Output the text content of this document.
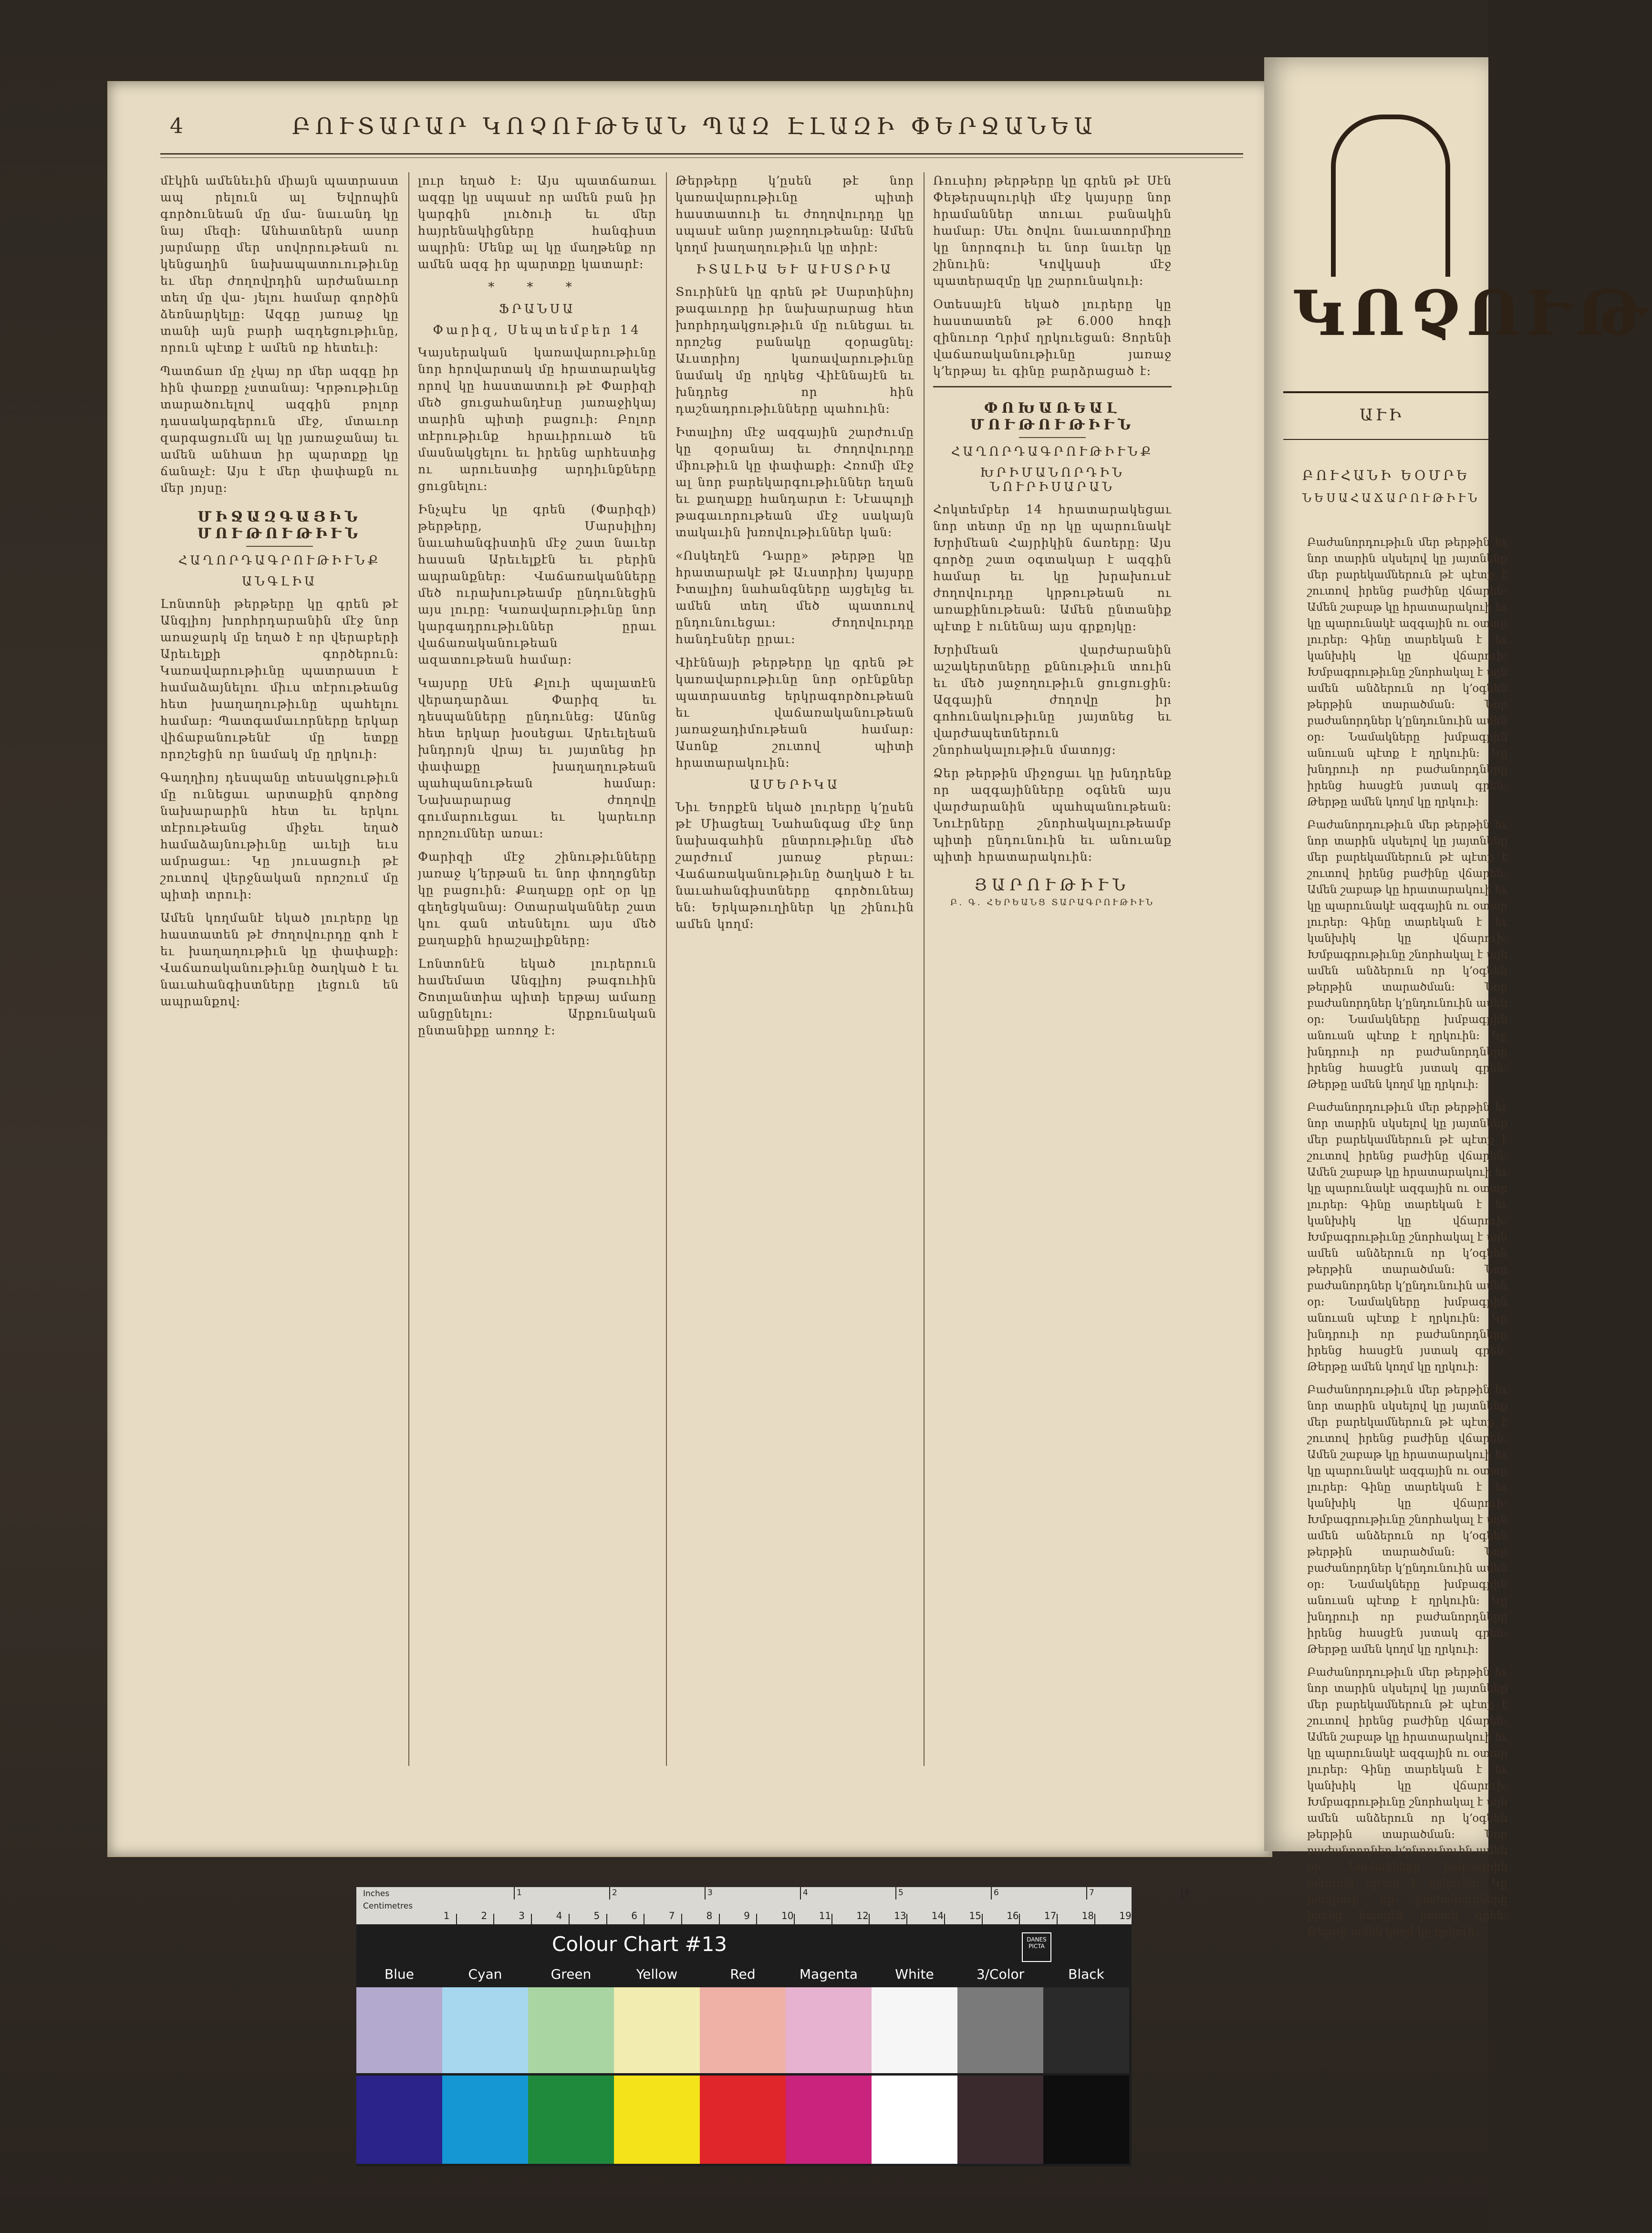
4	ԲՈՒՏԱՐԱՐ ԿՈՉՈՒԹԵԱՆ ՊԱԶ ԷԼԱԶԻ ՓԵՐՋԱՆԵԱ

մէկին ամենեւին միայն պատրաստ ապ րելուն ալ Եվրոպին գործունեան մը մա- նաւանդ կը նայ մեզի։ Անհատներն ասոր յարմարը մեր սովորութեան ու կենցաղին նախապատուութիւնը եւ մեր ժողովրդին արժանաւոր տեղ մը վա- յելու համար գործին ձեռնարկելը։ Ազգը յառաջ կը տանի այն բարի ազդեցութիւնը, որուն պէտք է ամեն ոք հետեւի։

Պատճառ մը չկայ որ մեր ազգը իր հին փառքը չստանայ։ Կրթութիւնը տարածուելով ազգին բոլոր դասակարգերուն մէջ, մտաւոր զարգացումն ալ կը յառաջանայ եւ ամեն անհատ իր պարտքը կը ճանաչէ։ Այս է մեր փափաքն ու մեր յոյսը։

ՄԻՋԱԶԳԱՅԻՆ ՄՈՒԹՈՒԹԻՒՆ
ՀԱՂՈՐԴԱԳՐՈՒԹԻՒՆՔ
ԱՆԳԼԻԱ

Լոնտոնի թերթերը կը գրեն թէ Անգլիոյ խորհրդարանին մէջ նոր առաջարկ մը եղած է որ վերաբերի Արեւելքի գործերուն։ Կառավարութիւնը պատրաստ է համաձայնելու միւս տէրութեանց հետ խաղաղութիւնը պահելու համար։ Պատգամաւորները երկար վիճաբանութենէ մը ետքը որոշեցին որ նամակ մը ղրկուի։

Գաղղիոյ դեսպանը տեսակցութիւն մը ունեցաւ արտաքին գործոց նախարարին հետ եւ երկու տէրութեանց միջեւ եղած համաձայնութիւնը աւելի եւս ամրացաւ։ Կը յուսացուի թէ շուտով վերջնական որոշում մը պիտի տրուի։

Ամեն կողմանէ եկած լուրերը կը հաստատեն թէ ժողովուրդը գոհ է եւ խաղաղութիւն կը փափաքի։ Վաճառականութիւնը ծաղկած է եւ նաւահանգիստները լեցուն են ապրանքով։

լուր եղած է։ Այս պատճառաւ ազգը կը սպասէ որ ամեն բան իր կարգին լուծուի եւ մեր հայրենակիցները հանգիստ ապրին։ Մենք ալ կը մաղթենք որ ամեն ազգ իր պարտքը կատարէ։

* * *
ՖՐԱՆՍԱ
Փարիզ, Սեպտեմբեր 14

Կայսերական կառավարութիւնը նոր հրովարտակ մը հրատարակեց որով կը հաստատուի թէ Փարիզի մեծ ցուցահանդէսը յառաջիկայ տարին պիտի բացուի։ Բոլոր տէրութիւնք հրաւիրուած են մասնակցելու եւ իրենց արհեստից ու արուեստից արդիւնքները ցուցնելու։

Ինչպէս կը գրեն (Փարիզի) թերթերը, Մարսիլիոյ նաւահանգիստին մէջ շատ նաւեր հասան Արեւելքէն եւ բերին ապրանքներ։ Վաճառականները մեծ ուրախութեամբ ընդունեցին այս լուրը։ Կառավարութիւնը նոր կարգադրութիւններ ըրաւ վաճառականութեան ազատութեան համար։

Կայսրը Սէն Քլուի պալատէն վերադարձաւ Փարիզ եւ դեսպանները ընդունեց։ Անոնց հետ երկար խօսեցաւ Արեւելեան խնդրոյն վրայ եւ յայտնեց իր փափաքը խաղաղութեան պահպանութեան համար։ Նախարարաց ժողովը գումարուեցաւ եւ կարեւոր որոշումներ առաւ։

Փարիզի մէջ շինութիւնները յառաջ կ՚երթան եւ նոր փողոցներ կը բացուին։ Քաղաքը օրէ օր կը գեղեցկանայ։ Օտարականներ շատ կու գան տեսնելու այս մեծ քաղաքին հրաշալիքները։

Լոնտոնէն եկած լուրերուն համեմատ Անգլիոյ թագուհին Շոտլանտիա պիտի երթայ ամառը անցընելու։ Արքունական ընտանիքը առողջ է։

Թերթերը կ՚ըսեն թէ նոր կառավարութիւնը պիտի հաստատուի եւ ժողովուրդը կը սպասէ անոր յաջողութեանը։ Ամեն կողմ խաղաղութիւն կը տիրէ։

ԻՏԱԼԻԱ ԵՒ ԱՒՍՏՐԻԱ

Տուրինէն կը գրեն թէ Սարտինիոյ թագաւորը իր նախարարաց հետ խորհրդակցութիւն մը ունեցաւ եւ որոշեց բանակը զօրացնել։ Աւստրիոյ կառավարութիւնը նամակ մը ղրկեց Վիէննայէն եւ խնդրեց որ հին դաշնադրութիւնները պահուին։

Իտալիոյ մէջ ազգային շարժումը կը զօրանայ եւ ժողովուրդը միութիւն կը փափաքի։ Հռոմի մէջ ալ նոր բարեկարգութիւններ եղան եւ քաղաքը հանդարտ է։ Նէապոլի թագաւորութեան մէջ սակայն տակաւին խռովութիւններ կան։

«Ոսկեղէն Դարը» թերթը կը հրատարակէ թէ Աւստրիոյ կայսրը Իտալիոյ նահանգները այցելեց եւ ամեն տեղ մեծ պատուով ընդունուեցաւ։ Ժողովուրդը հանդէսներ ըրաւ։

Վիէննայի թերթերը կը գրեն թէ կառավարութիւնը նոր օրէնքներ պատրաստեց երկրագործութեան եւ վաճառականութեան յառաջադիմութեան համար։ Ասոնք շուտով պիտի հրատարակուին։

ԱՄԵՐԻԿԱ

Նիւ Եորքէն եկած լուրերը կ՚ըսեն թէ Միացեալ Նահանգաց մէջ նոր նախագահին ընտրութիւնը մեծ շարժում յառաջ բերաւ։ Վաճառականութիւնը ծաղկած է եւ նաւահանգիստները գործունեայ են։ Երկաթուղիներ կը շինուին ամեն կողմ։

Ռուսիոյ թերթերը կը գրեն թէ Սէն Փեթերսպուրկի մէջ կայսրը նոր հրամաններ տուաւ բանակին համար։ Սեւ ծովու նաւատորմիղը կը նորոգուի եւ նոր նաւեր կը շինուին։ Կովկասի մէջ պատերազմը կը շարունակուի։

Օտեսայէն եկած լուրերը կը հաստատեն թէ 6.000 հոգի զինուոր Ղրիմ ղրկուեցան։ Ցորենի վաճառականութիւնը յառաջ կ՚երթայ եւ գինը բարձրացած է։

ՓՈԽԱՌԵԱԼ ՄՈՒԹՈՒԹԻՒՆ
ՀԱՂՈՐԴԱԳՐՈՒԹԻՒՆՔ
ԽՐԻՄԱՆՈՐԴԻՆ ՆՈՒՐԻՍԱՐԱՆ

Հոկտեմբեր 14 հրատարակեցաւ նոր տետր մը որ կը պարունակէ Խրիմեան Հայրիկին ճառերը։ Այս գործը շատ օգտակար է ազգին համար եւ կը խրախուսէ ժողովուրդը կրթութեան ու առաքինութեան։ Ամեն ընտանիք պէտք է ունենայ այս գրքոյկը։

Խրիմեան վարժարանին աշակերտները քննութիւն տուին եւ մեծ յաջողութիւն ցուցուցին։ Ազգային ժողովը իր գոհունակութիւնը յայտնեց եւ վարժապետներուն շնորհակալութիւն մատոյց։

Ձեր թերթին միջոցաւ կը խնդրենք որ ազգայինները օգնեն այս վարժարանին պահպանութեան։ Նուէրները շնորհակալութեամբ պիտի ընդունուին եւ անուանք պիտի հրատարակուին։

ՅԱՐՈՒԹԻՒՆ
Բ. Գ. ՀԵՐԵԱՆՑ ՏԱՐԱԳՐՈՒԹԻՒՆ
ԿՈՉՈՒԹ
ԱՒԻ
ԲՈՒՀԱՆԻ ԵՕՄՐԵ
ՆԵՍԱՀԱՃԱՐՈՒԹԻՒՆ

Բաժանորդութիւն մեր թերթին եւ նոր տարին սկսելով կը յայտնենք մեր բարեկամներուն թէ պէտք է շուտով իրենց բաժինը վճարեն։ Ամեն շաբաթ կը հրատարակուի եւ կը պարունակէ ազգային ու օտար լուրեր։ Գինը տարեկան է եւ կանխիկ կը վճարուի։ Խմբագրութիւնը շնորհակալ է այն ամեն անձերուն որ կ՚օգնեն թերթին տարածման։ Նոր բաժանորդներ կ՚ընդունուին ամեն օր։ Նամակները խմբագրին անուան պէտք է ղրկուին։ Կը խնդրուի որ բաժանորդները իրենց հասցէն յստակ գրեն։ Թերթը ամեն կողմ կը ղրկուի։

Բաժանորդութիւն մեր թերթին եւ նոր տարին սկսելով կը յայտնենք մեր բարեկամներուն թէ պէտք է շուտով իրենց բաժինը վճարեն։ Ամեն շաբաթ կը հրատարակուի եւ կը պարունակէ ազգային ու օտար լուրեր։ Գինը տարեկան է եւ կանխիկ կը վճարուի։ Խմբագրութիւնը շնորհակալ է այն ամեն անձերուն որ կ՚օգնեն թերթին տարածման։ Նոր բաժանորդներ կ՚ընդունուին ամեն օր։ Նամակները խմբագրին անուան պէտք է ղրկուին։ Կը խնդրուի որ բաժանորդները իրենց հասցէն յստակ գրեն։ Թերթը ամեն կողմ կը ղրկուի։

Բաժանորդութիւն մեր թերթին եւ նոր տարին սկսելով կը յայտնենք մեր բարեկամներուն թէ պէտք է շուտով իրենց բաժինը վճարեն։ Ամեն շաբաթ կը հրատարակուի եւ կը պարունակէ ազգային ու օտար լուրեր։ Գինը տարեկան է եւ կանխիկ կը վճարուի։ Խմբագրութիւնը շնորհակալ է այն ամեն անձերուն որ կ՚օգնեն թերթին տարածման։ Նոր բաժանորդներ կ՚ընդունուին ամեն օր։ Նամակները խմբագրին անուան պէտք է ղրկուին։ Կը խնդրուի որ բաժանորդները իրենց հասցէն յստակ գրեն։ Թերթը ամեն կողմ կը ղրկուի։

Բաժանորդութիւն մեր թերթին եւ նոր տարին սկսելով կը յայտնենք մեր բարեկամներուն թէ պէտք է շուտով իրենց բաժինը վճարեն։ Ամեն շաբաթ կը հրատարակուի եւ կը պարունակէ ազգային ու օտար լուրեր։ Գինը տարեկան է եւ կանխիկ կը վճարուի։ Խմբագրութիւնը շնորհակալ է այն ամեն անձերուն որ կ՚օգնեն թերթին տարածման։ Նոր բաժանորդներ կ՚ընդունուին ամեն օր։ Նամակները խմբագրին անուան պէտք է ղրկուին։ Կը խնդրուի որ բաժանորդները իրենց հասցէն յստակ գրեն։ Թերթը ամեն կողմ կը ղրկուի։

Բաժանորդութիւն մեր թերթին եւ նոր տարին սկսելով կը յայտնենք մեր բարեկամներուն թէ պէտք է շուտով իրենց բաժինը վճարեն։ Ամեն շաբաթ կը հրատարակուի եւ կը պարունակէ ազգային ու օտար լուրեր։ Գինը տարեկան է եւ կանխիկ կը վճարուի։ Խմբագրութիւնը շնորհակալ է այն ամեն անձերուն որ կ՚օգնեն թերթին տարածման։ Նոր բաժանորդներ կ՚ընդունուին ամեն օր։ Նամակները խմբագրին անուան պէտք է ղրկուին։ Կը խնդրուի որ բաժանորդները իրենց հասցէն յստակ գրեն։ Թերթը ամեն կողմ կը ղրկուի։

Inches
Centimetres
1	2	3	4	5	6	7	8
1	2	3	4	5	6	7	8	9	10	11	12	13	14	15	16	17	18	19
Colour Chart #13	DANES PICTA
Blue	Cyan	Green	Yellow	Red	Magenta	White	3/Color	Black
